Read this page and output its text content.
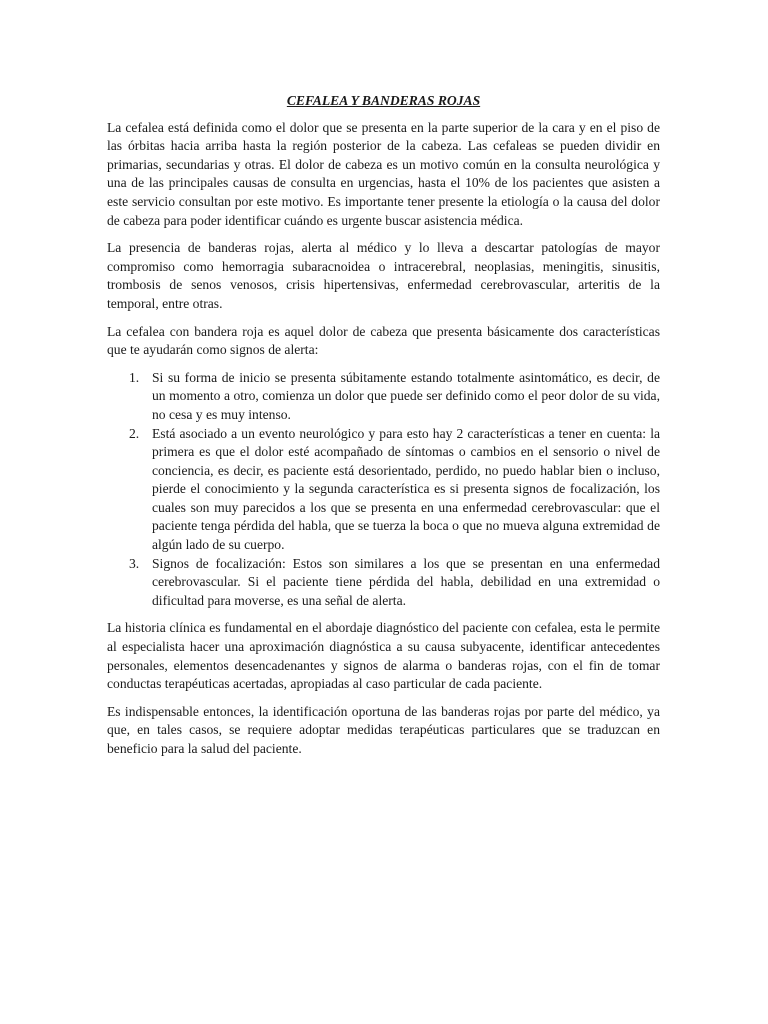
CEFALEA Y BANDERAS ROJAS

La cefalea está definida como el dolor que se presenta en la parte superior de la cara y en el piso de las órbitas hacia arriba hasta la región posterior de la cabeza. Las cefaleas se pueden dividir en primarias, secundarias y otras. El dolor de cabeza es un motivo común en la consulta neurológica y una de las principales causas de consulta en urgencias, hasta el 10% de los pacientes que asisten a este servicio consultan por este motivo. Es importante tener presente la etiología o la causa del dolor de cabeza para poder identificar cuándo es urgente buscar asistencia médica.

La presencia de banderas rojas, alerta al médico y lo lleva a descartar patologías de mayor compromiso como hemorragia subaracnoidea o intracerebral, neoplasias, meningitis, sinusitis, trombosis de senos venosos, crisis hipertensivas, enfermedad cerebrovascular, arteritis de la temporal, entre otras.

La cefalea con bandera roja es aquel dolor de cabeza que presenta básicamente dos características que te ayudarán como signos de alerta:

1. Si su forma de inicio se presenta súbitamente estando totalmente asintomático, es decir, de un momento a otro, comienza un dolor que puede ser definido como el peor dolor de su vida, no cesa y es muy intenso.
2. Está asociado a un evento neurológico y para esto hay 2 características a tener en cuenta: la primera es que el dolor esté acompañado de síntomas o cambios en el sensorio o nivel de conciencia, es decir, es paciente está desorientado, perdido, no puedo hablar bien o incluso, pierde el conocimiento y la segunda característica es si presenta signos de focalización, los cuales son muy parecidos a los que se presenta en una enfermedad cerebrovascular: que el paciente tenga pérdida del habla, que se tuerza la boca o que no mueva alguna extremidad de algún lado de su cuerpo.
3. Signos de focalización: Estos son similares a los que se presentan en una enfermedad cerebrovascular. Si el paciente tiene pérdida del habla, debilidad en una extremidad o dificultad para moverse, es una señal de alerta.

La historia clínica es fundamental en el abordaje diagnóstico del paciente con cefalea, esta le permite al especialista hacer una aproximación diagnóstica a su causa subyacente, identificar antecedentes personales, elementos desencadenantes y signos de alarma o banderas rojas, con el fin de tomar conductas terapéuticas acertadas, apropiadas al caso particular de cada paciente.

Es indispensable entonces, la identificación oportuna de las banderas rojas por parte del médico, ya que, en tales casos, se requiere adoptar medidas terapéuticas particulares que se traduzcan en beneficio para la salud del paciente.
